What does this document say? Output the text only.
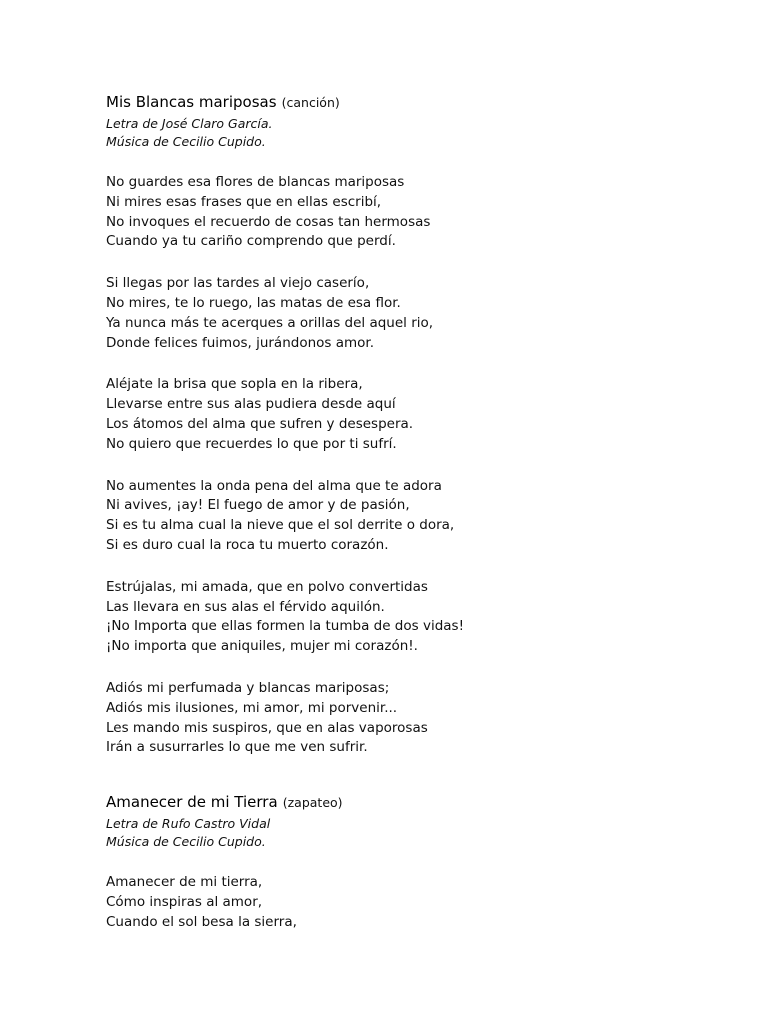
Mis Blancas mariposas (canción)

Letra de José Claro García.

Música de Cecilio Cupido.

No guardes esa flores de blancas mariposas
Ni mires esas frases que en ellas escribí,
No invoques el recuerdo de cosas tan hermosas
Cuando ya tu cariño comprendo que perdí.
Si llegas por las tardes al viejo caserío,
No mires, te lo ruego, las matas de esa flor.
Ya nunca más te acerques a orillas del aquel rio,
Donde felices fuimos, jurándonos amor.
Aléjate la brisa que sopla en la ribera,
Llevarse entre sus alas pudiera desde aquí
Los átomos del alma que sufren y desespera.
No quiero que recuerdes lo que por ti sufrí.
No aumentes la onda pena del alma que te adora
Ni avives, ¡ay! El fuego de amor y de pasión,
Si es tu alma cual la nieve que el sol derrite o dora,
Si es duro cual la roca tu muerto corazón.
Estrújalas, mi amada, que en polvo convertidas
Las llevara en sus alas el férvido aquilón.
¡No Importa que ellas formen la tumba de dos vidas!
¡No importa que aniquiles, mujer mi corazón!.
Adiós mi perfumada y blancas mariposas;
Adiós mis ilusiones, mi amor, mi porvenir...
Les mando mis suspiros, que en alas vaporosas
Irán a susurrarles lo que me ven sufrir.

Amanecer de mi Tierra (zapateo)

Letra de Rufo Castro Vidal

Música de Cecilio Cupido.

Amanecer de mi tierra,
Cómo inspiras al amor,
Cuando el sol besa la sierra,
